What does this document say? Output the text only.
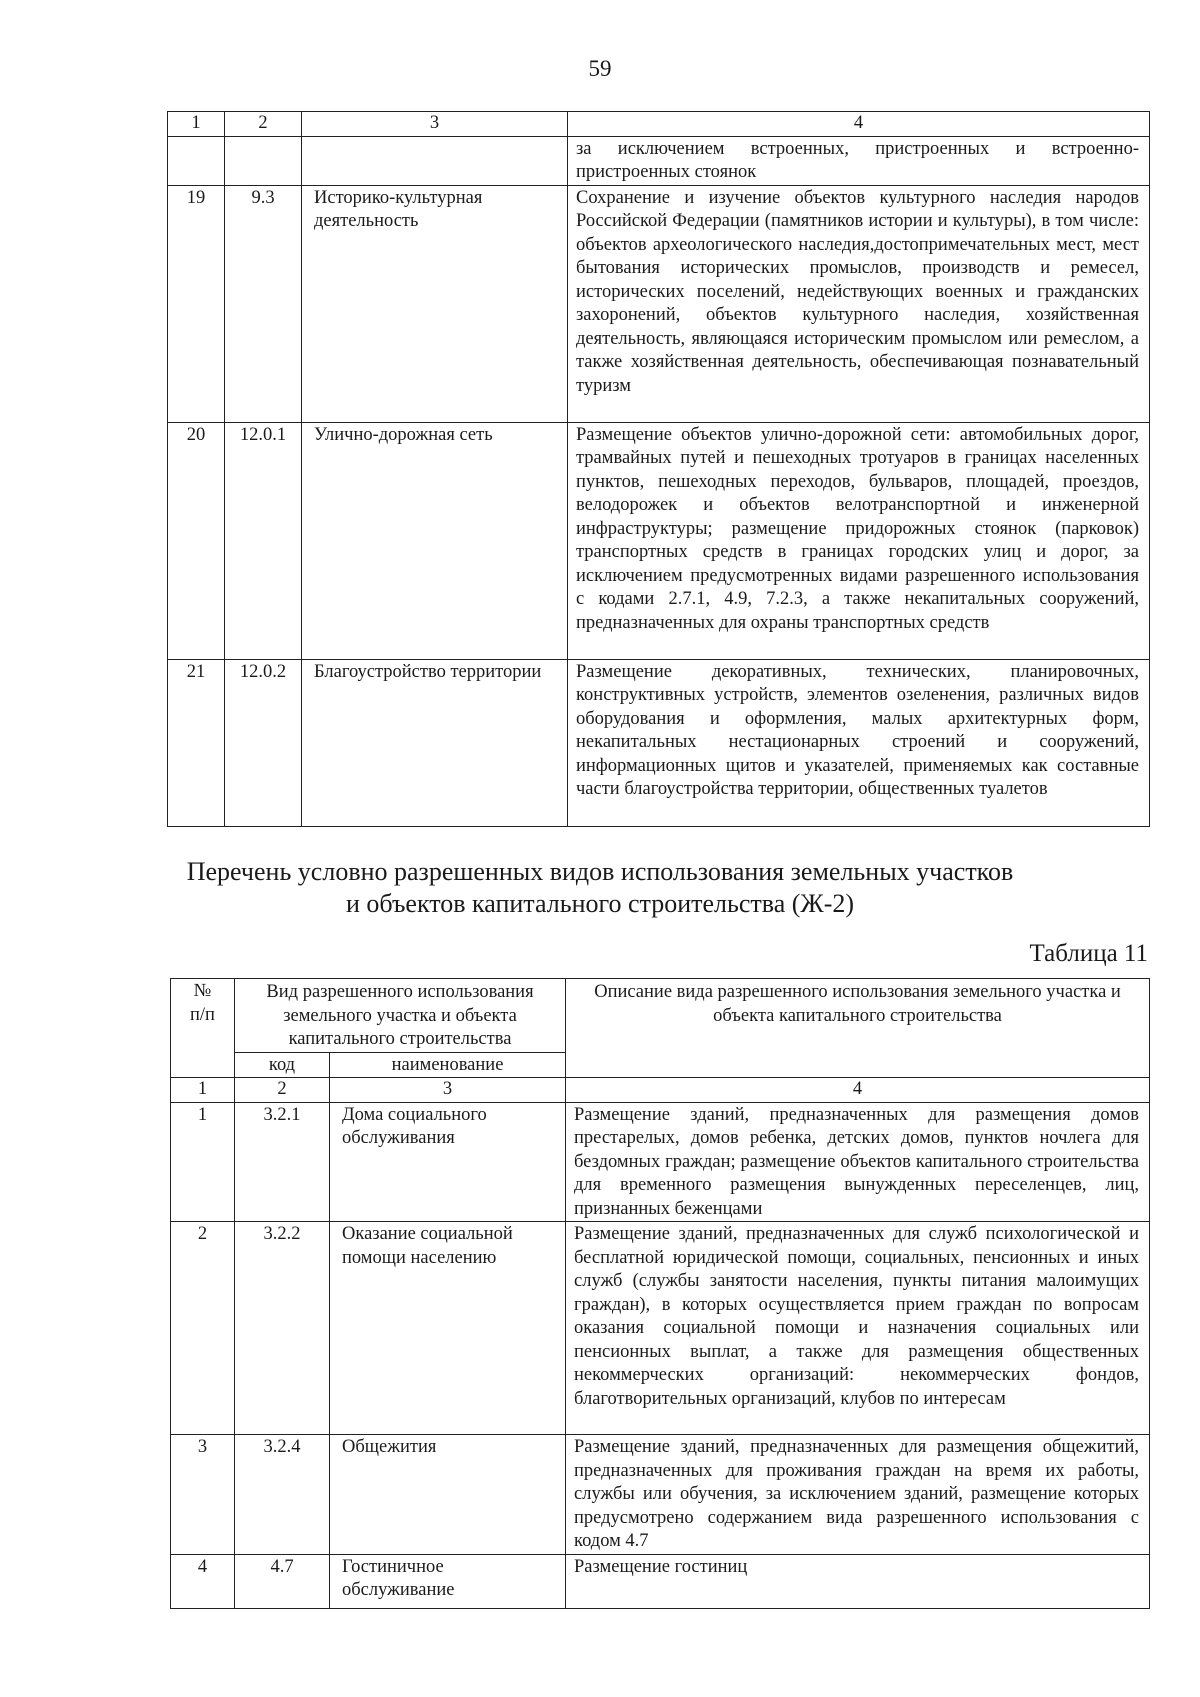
59
1	2	3	4
			за исключением встроенных, пристроенных и встроенно-пристроенных стоянок
19	9.3	Историко-культурная деятельность	Сохранение и изучение объектов культурного наследия народов Российской Федерации (памятников истории и культуры), в том числе: объектов археологического наследия,достопримечательных мест, мест бытования исторических промыслов, производств и ремесел, исторических поселений, недействующих военных и гражданских захоронений, объектов культурного наследия, хозяйственная деятельность, являющаяся историческим промыслом или ремеслом, а также хозяйственная деятельность, обеспечивающая познавательный туризм
20	12.0.1	Улично-дорожная сеть	Размещение объектов улично-дорожной сети: автомобильных дорог, трамвайных путей и пешеходных тротуаров в границах населенных пунктов, пешеходных переходов, бульваров, площадей, проездов, велодорожек и объектов велотранспортной и инженерной инфраструктуры; размещение придорожных стоянок (парковок) транспортных средств в границах городских улиц и дорог, за исключением предусмотренных видами разрешенного использования с кодами 2.7.1, 4.9, 7.2.3, а также некапитальных сооружений, предназначенных для охраны транспортных средств
21	12.0.2	Благоустройство территории	Размещение декоративных, технических, планировочных, конструктивных устройств, элементов озеленения, различных видов оборудования и оформления, малых архитектурных форм, некапитальных нестационарных строений и сооружений, информационных щитов и указателей, применяемых как составные части благоустройства территории, общественных туалетов
Перечень условно разрешенных видов использования земельных участков
и объектов капитального строительства (Ж-2)
Таблица 11
№
п/п	Вид разрешенного использования земельного участка и объекта капитального строительства		Описание вида разрешенного использования земельного участка и объекта капитального строительства
	код	наименование	
1	2	3	4
1	3.2.1	Дома социального обслуживания	Размещение зданий, предназначенных для размещения домов престарелых, домов ребенка, детских домов, пунктов ночлега для бездомных граждан; размещение объектов капитального строительства для временного размещения вынужденных переселенцев, лиц, признанных беженцами
2	3.2.2	Оказание социальной помощи населению	Размещение зданий, предназначенных для служб психологической и бесплатной юридической помощи, социальных, пенсионных и иных служб (службы занятости населения, пункты питания малоимущих граждан), в которых осуществляется прием граждан по вопросам оказания социальной помощи и назначения социальных или пенсионных выплат, а также для размещения общественных некоммерческих организаций: некоммерческих фондов, благотворительных организаций, клубов по интересам
3	3.2.4	Общежития	Размещение зданий, предназначенных для размещения общежитий, предназначенных для проживания граждан на время их работы, службы или обучения, за исключением зданий, размещение которых предусмотрено содержанием вида разрешенного использования с кодом 4.7
4	4.7	Гостиничное обслуживание	Размещение гостиниц
